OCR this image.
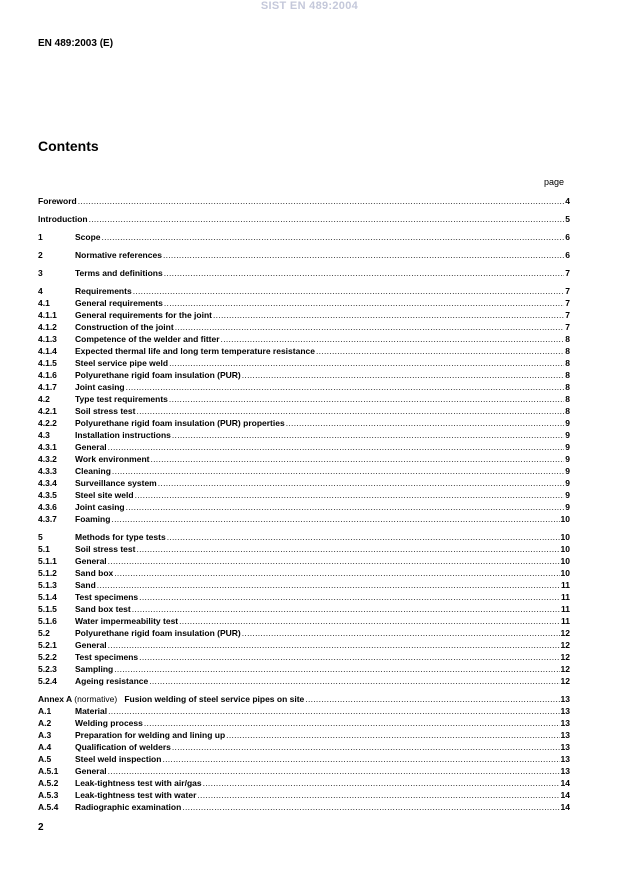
SIST EN 489:2004
EN 489:2003 (E)
Contents
page
Foreword .....	4
Introduction .....	5
1	Scope .....	6
2	Normative references .....	6
3	Terms and definitions .....	7
4	Requirements .....	7
4.1	General requirements .....	7
4.1.1	General requirements for the joint .....	7
4.1.2	Construction of the joint .....	7
4.1.3	Competence of the welder and fitter .....	8
4.1.4	Expected thermal life and long term temperature resistance .....	8
4.1.5	Steel service pipe weld .....	8
4.1.6	Polyurethane rigid foam insulation (PUR) .....	8
4.1.7	Joint casing .....	8
4.2	Type test requirements .....	8
4.2.1	Soil stress test .....	8
4.2.2	Polyurethane rigid foam insulation (PUR) properties .....	9
4.3	Installation instructions .....	9
4.3.1	General .....	9
4.3.2	Work environment .....	9
4.3.3	Cleaning .....	9
4.3.4	Surveillance system .....	9
4.3.5	Steel site weld .....	9
4.3.6	Joint casing .....	9
4.3.7	Foaming .....	10
5	Methods for type tests .....	10
5.1	Soil stress test .....	10
5.1.1	General .....	10
5.1.2	Sand box .....	10
5.1.3	Sand .....	11
5.1.4	Test specimens .....	11
5.1.5	Sand box test .....	11
5.1.6	Water impermeability test .....	11
5.2	Polyurethane rigid foam insulation (PUR) .....	12
5.2.1	General .....	12
5.2.2	Test specimens .....	12
5.2.3	Sampling .....	12
5.2.4	Ageing resistance .....	12
Annex A (normative) Fusion welding of steel service pipes on site .....	13
A.1	Material .....	13
A.2	Welding process .....	13
A.3	Preparation for welding and lining up .....	13
A.4	Qualification of welders .....	13
A.5	Steel weld inspection .....	13
A.5.1	General .....	13
A.5.2	Leak-tightness test with air/gas .....	14
A.5.3	Leak-tightness test with water .....	14
A.5.4	Radiographic examination .....	14
2
